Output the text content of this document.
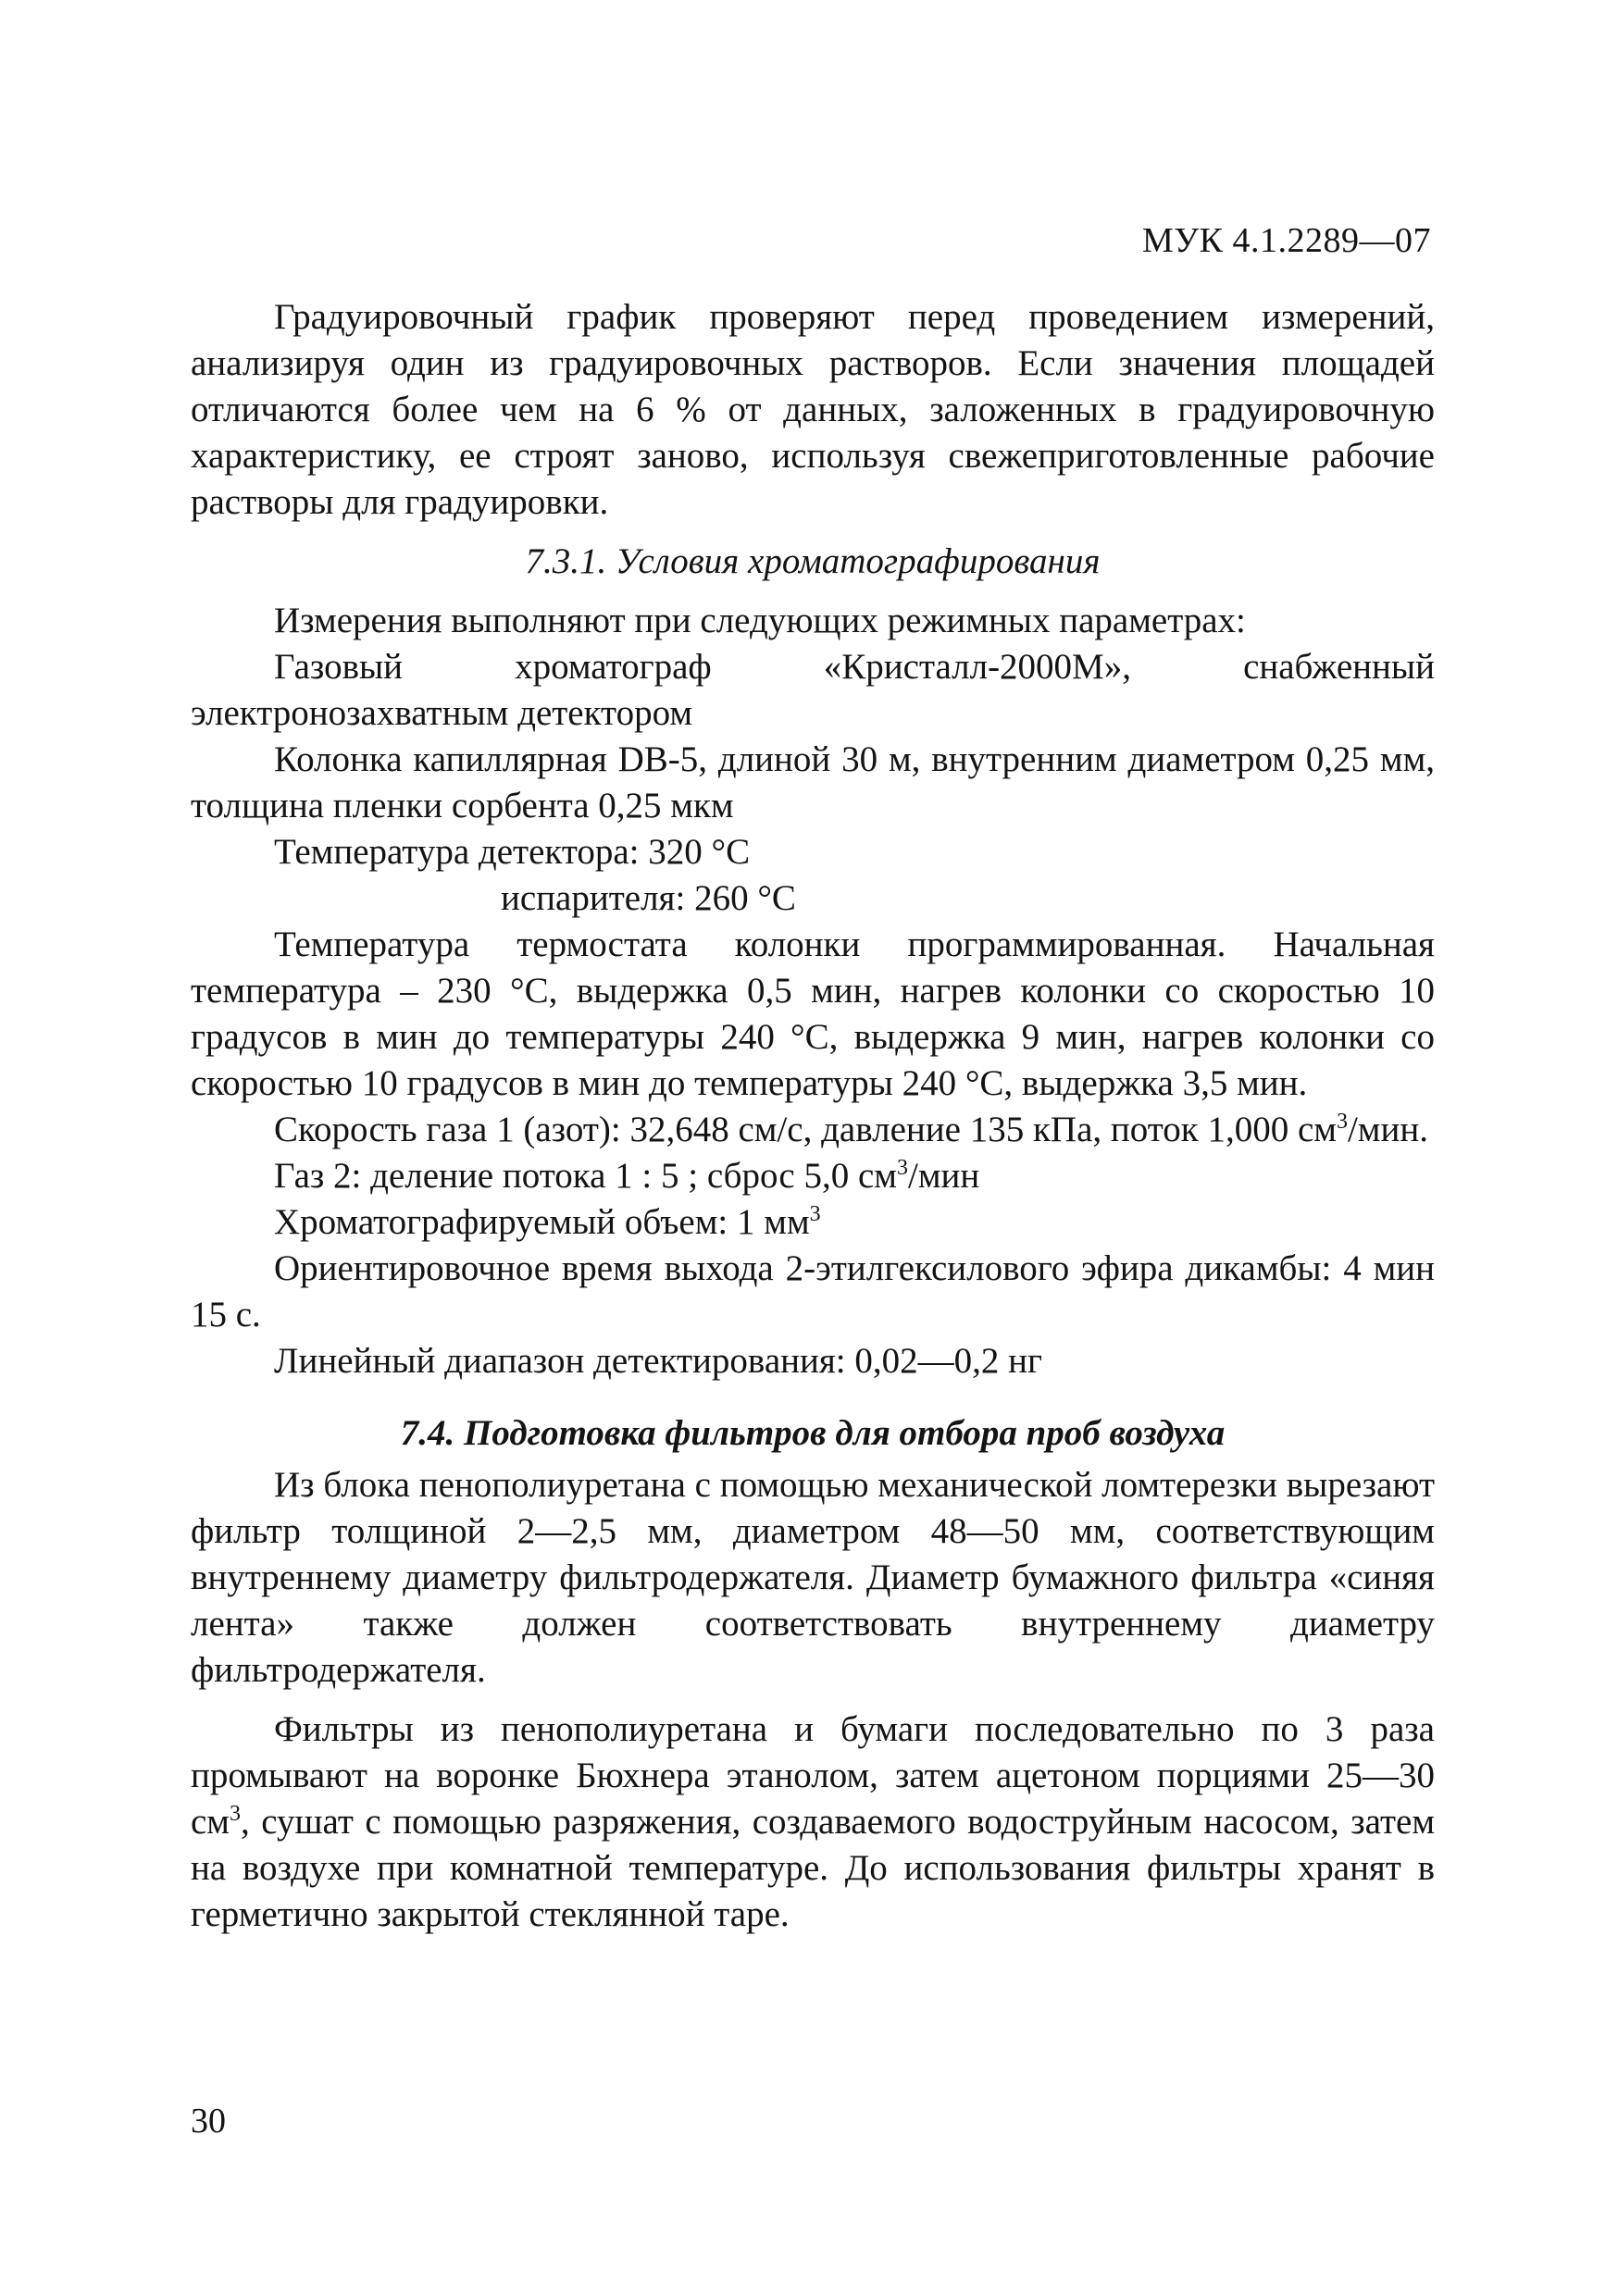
МУК 4.1.2289—07

Градуировочный график проверяют перед проведением измерений, анализируя один из градуировочных растворов. Если значения площадей отличаются более чем на 6 % от данных, заложенных в градуировочную характеристику, ее строят заново, используя свежеприготовленные рабочие растворы для градуировки.

7.3.1. Условия хроматографирования

Измерения выполняют при следующих режимных параметрах:

Газовый хроматограф «Кристалл-2000М», снабженный электронозахватным детектором

Колонка капиллярная DB-5, длиной 30 м, внутренним диаметром 0,25 мм, толщина пленки сорбента 0,25 мкм

Температура детектора: 320 °С

испарителя: 260 °С

Температура термостата колонки программированная. Начальная температура – 230 °С, выдержка 0,5 мин, нагрев колонки со скоростью 10 градусов в мин до температуры 240 °С, выдержка 9 мин, нагрев колонки со скоростью 10 градусов в мин до температуры 240 °С, выдержка 3,5 мин.

Скорость газа 1 (азот): 32,648 см/с, давление 135 кПа, поток 1,000 $см^3$/мин.

Газ 2: деление потока 1 : 5 ; сброс 5,0 $см^3$/мин

Хроматографируемый объем: 1 $мм^3$

Ориентировочное время выхода 2-этилгексилового эфира дикамбы: 4 мин 15 с.

Линейный диапазон детектирования: 0,02—0,2 нг

7.4. Подготовка фильтров для отбора проб воздуха

Из блока пенополиуретана с помощью механической ломтерезки вырезают фильтр толщиной 2—2,5 мм, диаметром 48—50 мм, соответствующим внутреннему диаметру фильтродержателя. Диаметр бумажного фильтра «синяя лента» также должен соответствовать внутреннему диаметру фильтродержателя.

Фильтры из пенополиуретана и бумаги последовательно по 3 раза промывают на воронке Бюхнера этанолом, затем ацетоном порциями 25—30 $см^3$, сушат с помощью разряжения, создаваемого водоструйным насосом, затем на воздухе при комнатной температуре. До использования фильтры хранят в герметично закрытой стеклянной таре.

30
